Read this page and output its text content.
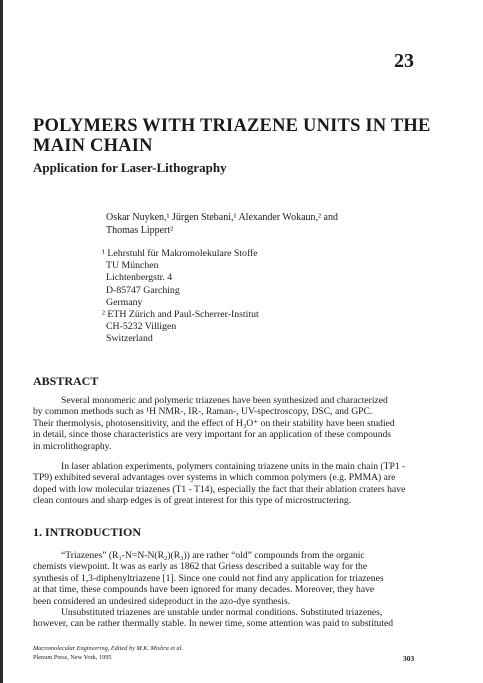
23
POLYMERS WITH TRIAZENE UNITS IN THE
MAIN CHAIN
Application for Laser-Lithography
Oskar Nuyken,¹ Jürgen Stebani,¹ Alexander Wokaun,² and
Thomas Lippert²
¹ Lehrstuhl für Makromolekulare Stoffe
TU München
Lichtenbergstr. 4
D-85747 Garching
Germany
² ETH Zürich and Paul-Scherrer-Institut
CH-5232 Villigen
Switzerland
ABSTRACT
Several monomeric and polymeric triazenes have been synthesized and characterized
by common methods such as ¹H NMR-, IR-, Raman-, UV-spectroscopy, DSC, and GPC.
Their thermolysis, photosensitivity, and the effect of H₃O⁺ on their stability have been studied
in detail, since those characteristics are very important for an application of these compounds
in microlithography.
In laser ablation experiments, polymers containing triazene units in the main chain (TP1 -
TP9) exhibited several advantages over systems in which common polymers (e.g. PMMA) are
doped with low molecular triazenes (T1 - T14), especially the fact that their ablation craters have
clean contours and sharp edges is of great interest for this type of microstructering.
1. INTRODUCTION
“Triazenes” (R₁-N=N-N(R₂)(R₃)) are rather “old” compounds from the organic
chemists viewpoint. It was as early as 1862 that Griess described a suitable way for the
synthesis of 1,3-diphenyltriazene [1]. Since one could not find any application for triazenes
at that time, these compounds have been ignored for many decades. Moreover, they have
been considered an undesired sideproduct in the azo-dye synthesis.
Unsubstituted triazenes are unstable under normal conditions. Substituted triazenes,
however, can be rather thermally stable. In newer time, some attention was paid to substituted
Macromolecular Engineering, Edited by M.K. Mishra et al.
Plenum Press, New York, 1995	303
